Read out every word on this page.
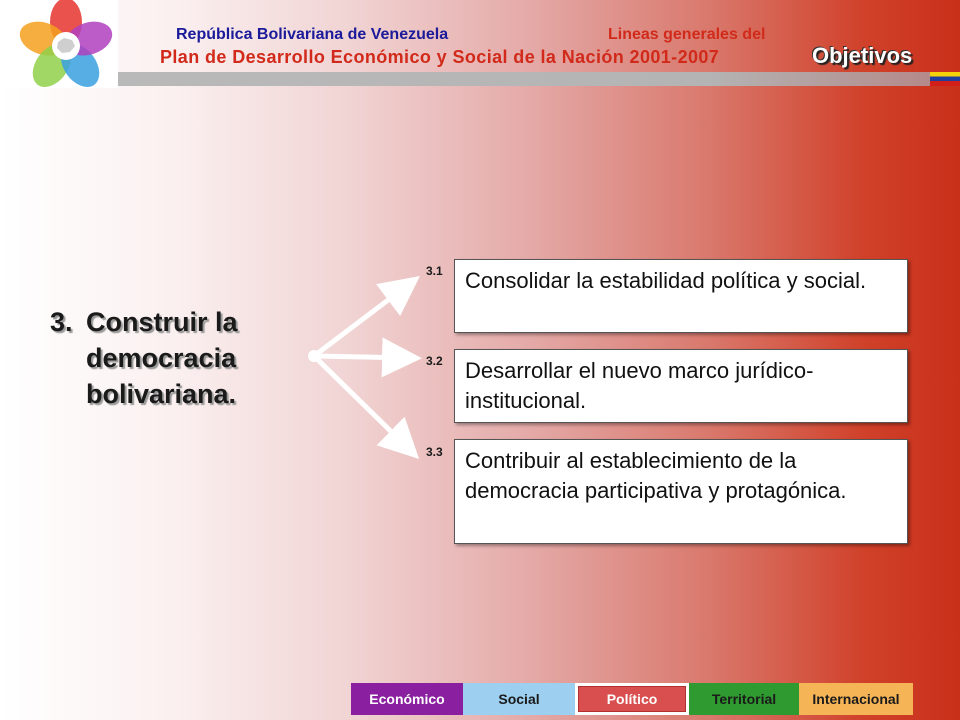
República Bolivariana de Venezuela	Lineas generales del
Plan de Desarrollo Económico y Social de la Nación 2001-2007	Objetivos
3. Construir la democracia bolivariana.
3.1	Consolidar la estabilidad política y social.
3.2	Desarrollar el nuevo marco jurídico-institucional.
3.3	Contribuir al establecimiento de la democracia participativa y protagónica.
Económico	Social	Político	Territorial	Internacional
